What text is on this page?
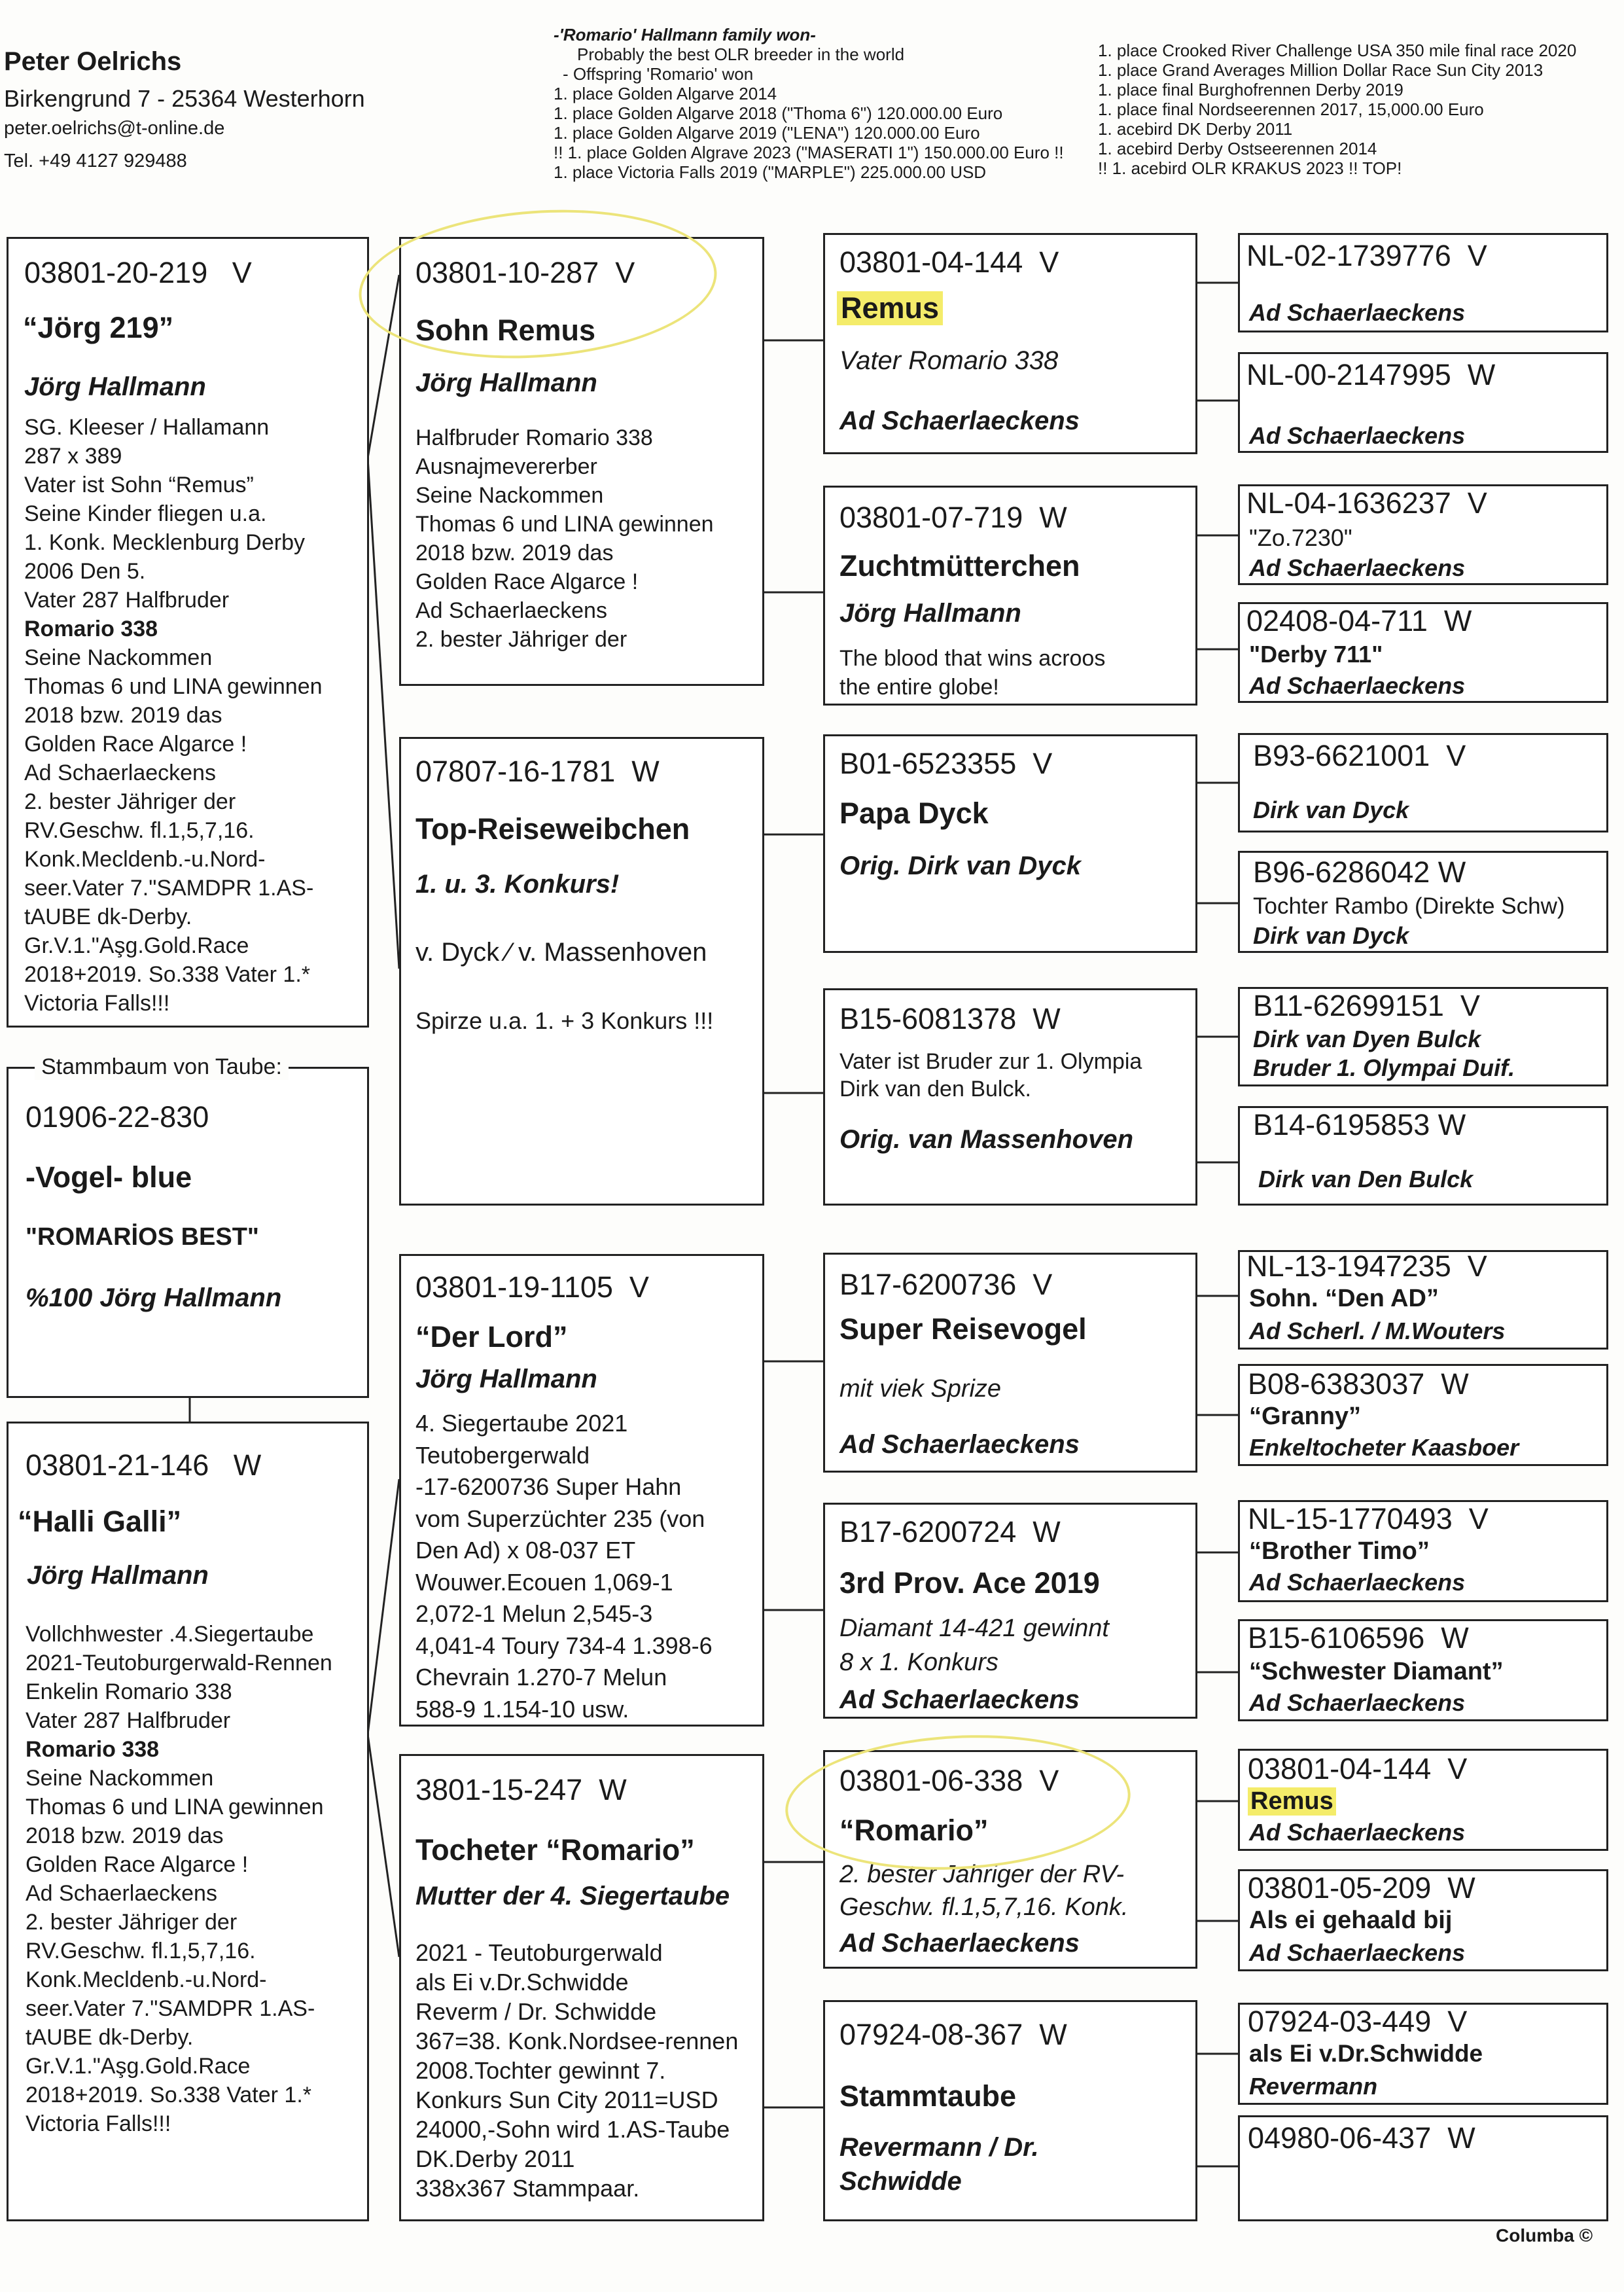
Peter Oelrichs
Birkengrund 7 - 25364 Westerhorn
peter.oelrichs@t-online.de
Tel. +49 4127 929488
-'Romario' Hallmann family won-
Probably the best OLR breeder in the world
- Offspring 'Romario' won
1. place Golden Algarve 2014
1. place Golden Algarve 2018 ("Thoma 6") 120.000.00 Euro
1. place Golden Algarve 2019 ("LENA") 120.000.00 Euro
!! 1. place Golden Algrave 2023 ("MASERATI 1") 150.000.00 Euro !!
1. place Victoria Falls 2019 ("MARPLE") 225.000.00 USD
1. place Crooked River Challenge USA 350 mile final race 2020
1. place Grand Averages Million Dollar Race Sun City 2013
1. place final Burghofrennen Derby 2019
1. place final Nordseerennen 2017, 15,000.00 Euro
1. acebird DK Derby 2011
1. acebird Derby Ostseerennen 2014
!! 1. acebird OLR KRAKUS 2023 !! TOP!
03801-20-219   V
“Jörg 219”
Jörg Hallmann
SG. Kleeser / Hallamann
287 x 389
Vater ist Sohn “Remus”
Seine Kinder fliegen u.a.
1. Konk. Mecklenburg Derby
2006 Den 5.
Vater 287 Halfbruder
Romario 338
Seine Nackommen
Thomas 6 und LINA gewinnen
2018 bzw. 2019 das
Golden Race Algarce !
Ad Schaerlaeckens
2. bester Jähriger der
RV.Geschw. fl.1,5,7,16.
Konk.Mecldenb.-u.Nord-
seer.Vater 7."SAMDPR 1.AS-
tAUBE dk-Derby.
Gr.V.1."Aşg.Gold.Race
2018+2019. So.338 Vater 1.*
Victoria Falls!!!
Stammbaum von Taube:
01906-22-830
-Vogel- blue
"ROMARİOS BEST"
%100 Jörg Hallmann
03801-21-146   W
“Halli Galli”
Jörg Hallmann
Vollchhwester .4.Siegertaube
2021-Teutoburgerwald-Rennen
Enkelin Romario 338
Vater 287 Halfbruder
Romario 338
Seine Nackommen
Thomas 6 und LINA gewinnen
2018 bzw. 2019 das
Golden Race Algarce !
Ad Schaerlaeckens
2. bester Jähriger der
RV.Geschw. fl.1,5,7,16.
Konk.Mecldenb.-u.Nord-
seer.Vater 7."SAMDPR 1.AS-
tAUBE dk-Derby.
Gr.V.1."Aşg.Gold.Race
2018+2019. So.338 Vater 1.*
Victoria Falls!!!
03801-10-287  V
Sohn Remus
Jörg Hallmann
Halfbruder Romario 338
Ausnajmevererber
Seine Nackommen
Thomas 6 und LINA gewinnen
2018 bzw. 2019 das
Golden Race Algarce !
Ad Schaerlaeckens
2. bester Jähriger der
07807-16-1781  W
Top-Reiseweibchen
1. u. 3. Konkurs!
v. Dyck ∕ v. Massenhoven
Spirze u.a. 1. + 3 Konkurs !!!
03801-19-1105  V
“Der Lord”
Jörg Hallmann
4. Siegertaube 2021
Teutobergerwald
-17-6200736 Super Hahn
vom Superzüchter 235 (von
Den Ad) x 08-037 ET
Wouwer.Ecouen 1,069-1
2,072-1 Melun 2,545-3
4,041-4 Toury 734-4 1.398-6
Chevrain 1.270-7 Melun
588-9 1.154-10 usw.
3801-15-247  W
Tocheter “Romario”
Mutter der 4. Siegertaube
2021 - Teutoburgerwald
als Ei v.Dr.Schwidde
Reverm / Dr. Schwidde
367=38. Konk.Nordsee-rennen
2008.Tochter gewinnt 7.
Konkurs Sun City 2011=USD
24000,-Sohn wird 1.AS-Taube
DK.Derby 2011
338x367 Stammpaar.
03801-04-144  V
Remus
Vater Romario 338
Ad Schaerlaeckens
03801-07-719  W
Zuchtmütterchen
Jörg Hallmann
The blood that wins acroos
the entire globe!
B01-6523355  V
Papa Dyck
Orig. Dirk van Dyck
B15-6081378  W
Vater ist Bruder zur 1. Olympia
Dirk van den Bulck.
Orig. van Massenhoven
B17-6200736  V
Super Reisevogel
mit viek Sprize
Ad Schaerlaeckens
B17-6200724  W
3rd Prov. Ace 2019
Diamant 14-421 gewinnt
8 x 1. Konkurs
Ad Schaerlaeckens
03801-06-338  V
“Romario”
2. bester Jahriger der RV-
Geschw. fl.1,5,7,16. Konk.
Ad Schaerlaeckens
07924-08-367  W
Stammtaube
Revermann / Dr.
Schwidde
NL-02-1739776  V
Ad Schaerlaeckens
NL-00-2147995  W
Ad Schaerlaeckens
NL-04-1636237  V
"Zo.7230"
Ad Schaerlaeckens
02408-04-711  W
"Derby 711"
Ad Schaerlaeckens
B93-6621001  V
Dirk van Dyck
B96-6286042 W
Tochter Rambo (Direkte Schw)
Dirk van Dyck
B11-62699151  V
Dirk van Dyen Bulck
Bruder 1. Olympai Duif.
B14-6195853 W
Dirk van Den Bulck
NL-13-1947235  V
Sohn. “Den AD”
Ad Scherl. / M.Wouters
B08-6383037  W
“Granny”
Enkeltocheter Kaasboer
NL-15-1770493  V
“Brother Timo”
Ad Schaerlaeckens
B15-6106596  W
“Schwester Diamant”
Ad Schaerlaeckens
03801-04-144  V
Remus
Ad Schaerlaeckens
03801-05-209  W
Als ei gehaald bij
Ad Schaerlaeckens
07924-03-449  V
als Ei v.Dr.Schwidde
Revermann
04980-06-437  W
Columba ©
